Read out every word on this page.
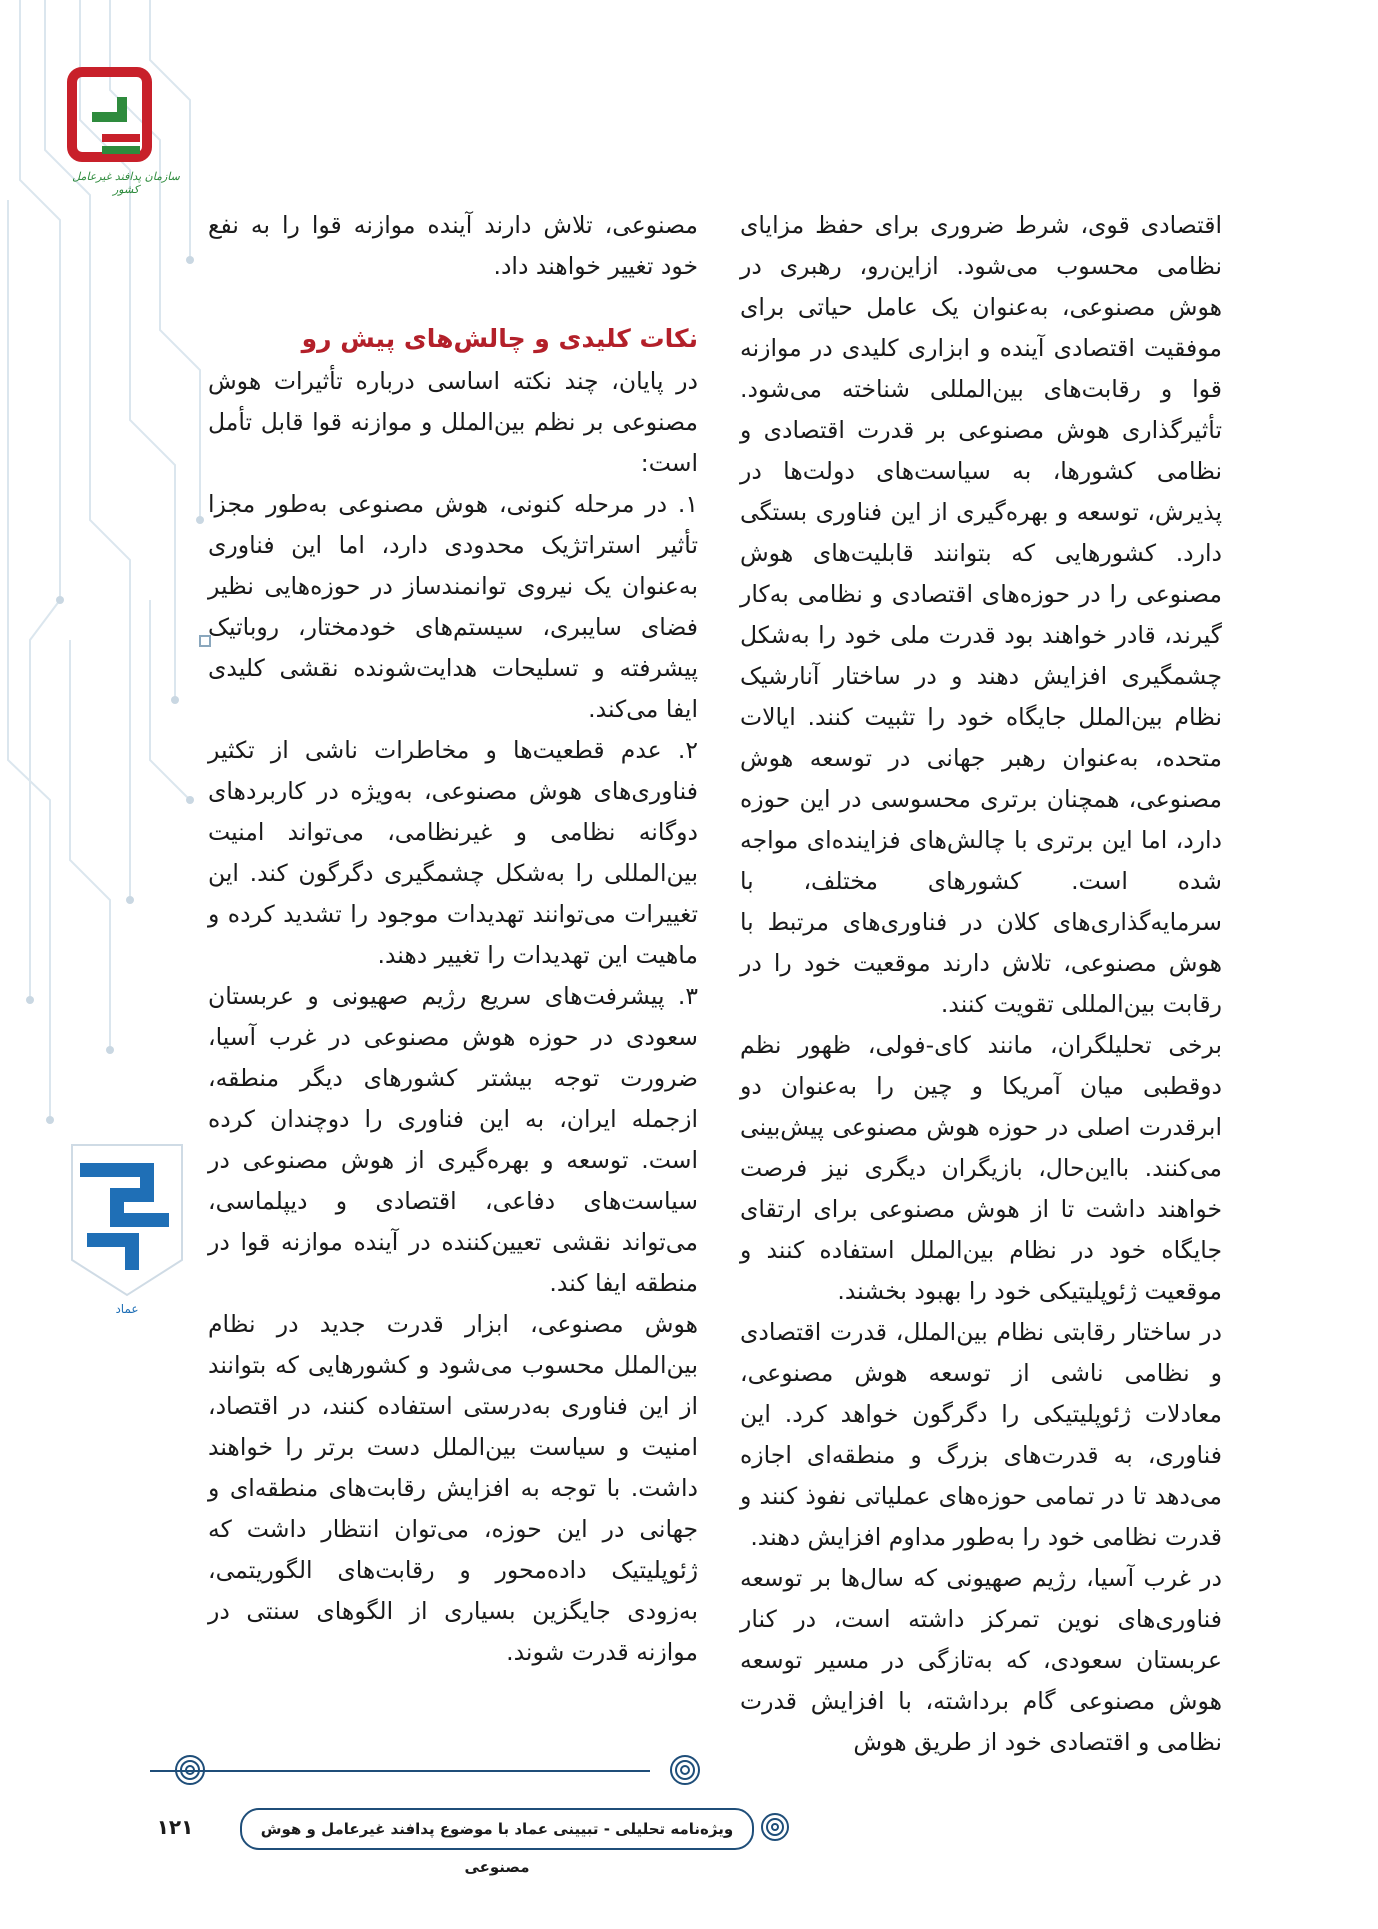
سازمان پدافند غیرعامل کشور
عماد

اقتصادی قوی، شرط ضروری برای حفظ مزایای نظامی محسوب می‌شود. ازاین‌رو، رهبری در هوش مصنوعی، به‌عنوان یک عامل حیاتی برای موفقیت اقتصادی آینده و ابزاری کلیدی در موازنه قوا و رقابت‌های بین‌المللی شناخته می‌شود. تأثیرگذاری هوش مصنوعی بر قدرت اقتصادی و نظامی کشورها، به سیاست‌های دولت‌ها در پذیرش، توسعه و بهره‌گیری از این فناوری بستگی دارد. کشورهایی که بتوانند قابلیت‌های هوش مصنوعی را در حوزه‌های اقتصادی و نظامی به‌کار گیرند، قادر خواهند بود قدرت ملی خود را به‌شکل چشمگیری افزایش دهند و در ساختار آنارشیک نظام بین‌الملل جایگاه خود را تثبیت کنند. ایالات متحده، به‌عنوان رهبر جهانی در توسعه هوش مصنوعی، همچنان برتری محسوسی در این حوزه دارد، اما این برتری با چالش‌های فزاینده‌ای مواجه شده است. کشورهای مختلف، با سرمایه‌گذاری‌های کلان در فناوری‌های مرتبط با هوش مصنوعی، تلاش دارند موقعیت خود را در رقابت بین‌المللی تقویت کنند.

برخی تحلیلگران، مانند کای-فولی، ظهور نظم دوقطبی میان آمریکا و چین را به‌عنوان دو ابرقدرت اصلی در حوزه هوش مصنوعی پیش‌بینی می‌کنند. بااین‌حال، بازیگران دیگری نیز فرصت خواهند داشت تا از هوش مصنوعی برای ارتقای جایگاه خود در نظام بین‌الملل استفاده کنند و موقعیت ژئوپلیتیکی خود را بهبود بخشند.

در ساختار رقابتی نظام بین‌الملل، قدرت اقتصادی و نظامی ناشی از توسعه هوش مصنوعی، معادلات ژئوپلیتیکی را دگرگون خواهد کرد. این فناوری، به قدرت‌های بزرگ و منطقه‌ای اجازه می‌دهد تا در تمامی حوزه‌های عملیاتی نفوذ کنند و قدرت نظامی خود را به‌طور مداوم افزایش دهند.

در غرب آسیا، رژیم صهیونی که سال‌ها بر توسعه فناوری‌های نوین تمرکز داشته است، در کنار عربستان سعودی، که به‌تازگی در مسیر توسعه هوش مصنوعی گام برداشته، با افزایش قدرت نظامی و اقتصادی خود از طریق هوش

مصنوعی، تلاش دارند آینده موازنه قوا را به نفع خود تغییر خواهند داد.

نکات کلیدی و چالش‌های پیش رو

در پایان، چند نکته اساسی درباره تأثیرات هوش مصنوعی بر نظم بین‌الملل و موازنه قوا قابل تأمل است:

۱. در مرحله کنونی، هوش مصنوعی به‌طور مجزا تأثیر استراتژیک محدودی دارد، اما این فناوری به‌عنوان یک نیروی توانمندساز در حوزه‌هایی نظیر فضای سایبری، سیستم‌های خودمختار، روباتیک پیشرفته و تسلیحات هدایت‌شونده نقشی کلیدی ایفا می‌کند.

۲. عدم قطعیت‌ها و مخاطرات ناشی از تکثیر فناوری‌های هوش مصنوعی، به‌ویژه در کاربردهای دوگانه نظامی و غیرنظامی، می‌تواند امنیت بین‌المللی را به‌شکل چشمگیری دگرگون کند. این تغییرات می‌توانند تهدیدات موجود را تشدید کرده و ماهیت این تهدیدات را تغییر دهند.

۳. پیشرفت‌های سریع رژیم صهیونی و عربستان سعودی در حوزه هوش مصنوعی در غرب آسیا، ضرورت توجه بیشتر کشورهای دیگر منطقه، ازجمله ایران، به این فناوری را دوچندان کرده است. توسعه و بهره‌گیری از هوش مصنوعی در سیاست‌های دفاعی، اقتصادی و دیپلماسی، می‌تواند نقشی تعیین‌کننده در آینده موازنه قوا در منطقه ایفا کند.

هوش مصنوعی، ابزار قدرت جدید در نظام بین‌الملل محسوب می‌شود و کشورهایی که بتوانند از این فناوری به‌درستی استفاده کنند، در اقتصاد، امنیت و سیاست بین‌الملل دست برتر را خواهند داشت. با توجه به افزایش رقابت‌های منطقه‌ای و جهانی در این حوزه، می‌توان انتظار داشت که ژئوپلیتیک داده‌محور و رقابت‌های الگوریتمی، به‌زودی جایگزین بسیاری از الگوهای سنتی در موازنه قدرت شوند.

ویژه‌نامه تحلیلی - تبیینی عماد با موضوع پدافند غیرعامل و هوش مصنوعی
۱۲۱
